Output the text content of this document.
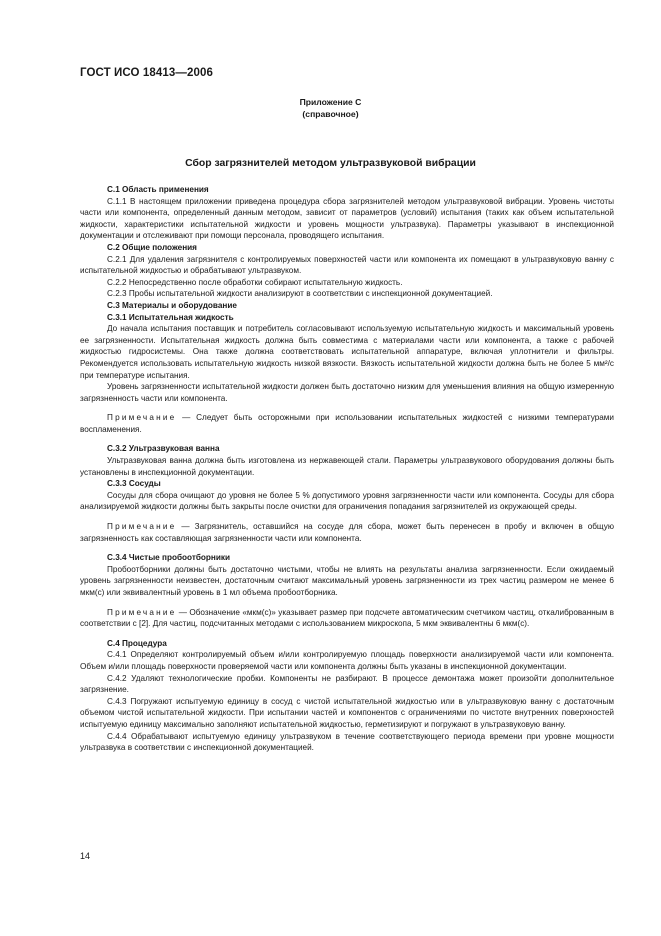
ГОСТ ИСО 18413—2006
Приложение С
(справочное)
Сбор загрязнителей методом ультразвуковой вибрации

С.1 Область применения

С.1.1 В настоящем приложении приведена процедура сбора загрязнителей методом ультразвуковой вибрации. Уровень чистоты части или компонента, определенный данным методом, зависит от параметров (условий) испытания (таких как объем испытательной жидкости, характеристики испытательной жидкости и уровень мощности ультразвука). Параметры указывают в инспекционной документации и отслеживают при помощи персонала, проводящего испытания.

С.2 Общие положения

С.2.1 Для удаления загрязнителя с контролируемых поверхностей части или компонента их помещают в ультразвуковую ванну с испытательной жидкостью и обрабатывают ультразвуком.

С.2.2 Непосредственно после обработки собирают испытательную жидкость.

С.2.3 Пробы испытательной жидкости анализируют в соответствии с инспекционной документацией.

С.3 Материалы и оборудование

С.3.1 Испытательная жидкость

До начала испытания поставщик и потребитель согласовывают используемую испытательную жидкость и максимальный уровень ее загрязненности. Испытательная жидкость должна быть совместима с материалами части или компонента, а также с рабочей жидкостью гидросистемы. Она также должна соответствовать испытательной аппаратуре, включая уплотнители и фильтры. Рекомендуется использовать испытательную жидкость низкой вязкости. Вязкость испытательной жидкости должна быть не более 5 мм²/с при температуре испытания.

Уровень загрязненности испытательной жидкости должен быть достаточно низким для уменьшения влияния на общую измеренную загрязненность части или компонента.

Примечание — Следует быть осторожными при использовании испытательных жидкостей с низкими температурами воспламенения.

С.3.2 Ультразвуковая ванна

Ультразвуковая ванна должна быть изготовлена из нержавеющей стали. Параметры ультразвукового оборудования должны быть установлены в инспекционной документации.

С.3.3 Сосуды

Сосуды для сбора очищают до уровня не более 5 % допустимого уровня загрязненности части или компонента. Сосуды для сбора анализируемой жидкости должны быть закрыты после очистки для ограничения попадания загрязнителей из окружающей среды.

Примечание — Загрязнитель, оставшийся на сосуде для сбора, может быть перенесен в пробу и включен в общую загрязненность как составляющая загрязненности части или компонента.

С.3.4 Чистые пробоотборники

Пробоотборники должны быть достаточно чистыми, чтобы не влиять на результаты анализа загрязненности. Если ожидаемый уровень загрязненности неизвестен, достаточным считают максимальный уровень загрязненности из трех частиц размером не менее 6 мкм(с) или эквивалентный уровень в 1 мл объема пробоотборника.

Примечание — Обозначение «мкм(с)» указывает размер при подсчете автоматическим счетчиком частиц, откалиброванным в соответствии с [2]. Для частиц, подсчитанных методами с использованием микроскопа, 5 мкм эквивалентны 6 мкм(с).

С.4 Процедура

С.4.1 Определяют контролируемый объем и/или контролируемую площадь поверхности анализируемой части или компонента. Объем и/или площадь поверхности проверяемой части или компонента должны быть указаны в инспекционной документации.

С.4.2 Удаляют технологические пробки. Компоненты не разбирают. В процессе демонтажа может произойти дополнительное загрязнение.

С.4.3 Погружают испытуемую единицу в сосуд с чистой испытательной жидкостью или в ультразвуковую ванну с достаточным объемом чистой испытательной жидкости. При испытании частей и компонентов с ограничениями по чистоте внутренних поверхностей испытуемую единицу максимально заполняют испытательной жидкостью, герметизируют и погружают в ультразвуковую ванну.

С.4.4 Обрабатывают испытуемую единицу ультразвуком в течение соответствующего периода времени при уровне мощности ультразвука в соответствии с инспекционной документацией.

14
